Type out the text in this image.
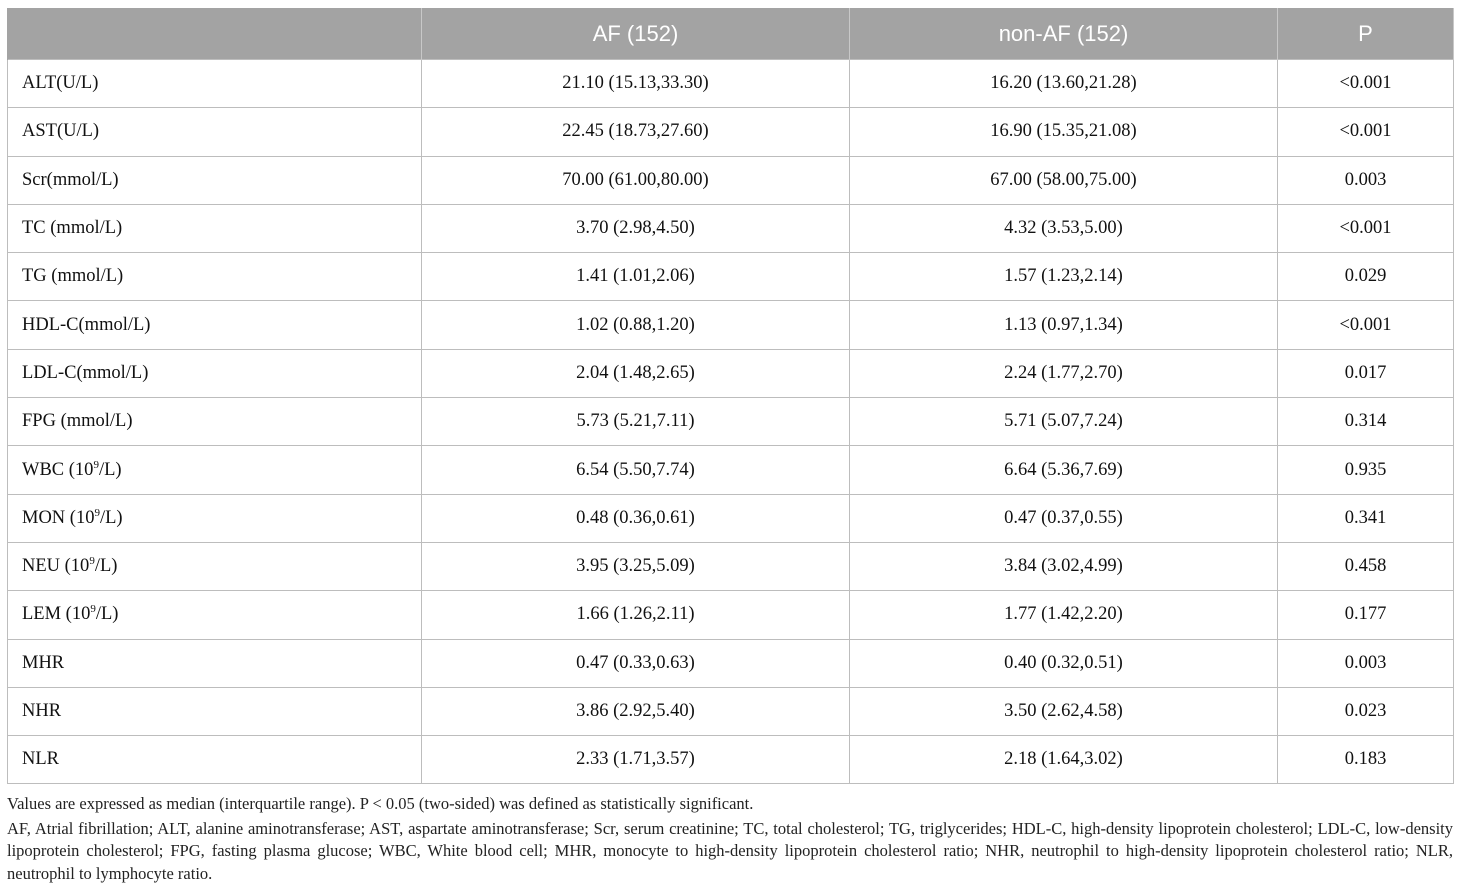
	AF (152)	non-AF (152)	P
ALT(U/L)	21.10 (15.13,33.30)	16.20 (13.60,21.28)	<0.001
AST(U/L)	22.45 (18.73,27.60)	16.90 (15.35,21.08)	<0.001
Scr(mmol/L)	70.00 (61.00,80.00)	67.00 (58.00,75.00)	0.003
TC (mmol/L)	3.70 (2.98,4.50)	4.32 (3.53,5.00)	<0.001
TG (mmol/L)	1.41 (1.01,2.06)	1.57 (1.23,2.14)	0.029
HDL-C(mmol/L)	1.02 (0.88,1.20)	1.13 (0.97,1.34)	<0.001
LDL-C(mmol/L)	2.04 (1.48,2.65)	2.24 (1.77,2.70)	0.017
FPG (mmol/L)	5.73 (5.21,7.11)	5.71 (5.07,7.24)	0.314
WBC $(10^9/L)$	6.54 (5.50,7.74)	6.64 (5.36,7.69)	0.935
MON $(10^9/L)$	0.48 (0.36,0.61)	0.47 (0.37,0.55)	0.341
NEU $(10^9/L)$	3.95 (3.25,5.09)	3.84 (3.02,4.99)	0.458
LEM $(10^9/L)$	1.66 (1.26,2.11)	1.77 (1.42,2.20)	0.177
MHR	0.47 (0.33,0.63)	0.40 (0.32,0.51)	0.003
NHR	3.86 (2.92,5.40)	3.50 (2.62,4.58)	0.023
NLR	2.33 (1.71,3.57)	2.18 (1.64,3.02)	0.183

Values are expressed as median (interquartile range). P < 0.05 (two-sided) was defined as statistically significant.

AF, Atrial fibrillation; ALT, alanine aminotransferase; AST, aspartate aminotransferase; Scr, serum creatinine; TC, total cholesterol; TG, triglycerides; HDL-C, high-density lipoprotein cholesterol; LDL-C, low-density lipoprotein cholesterol; FPG, fasting plasma glucose; WBC, White blood cell; MHR, monocyte to high-density lipoprotein cholesterol ratio; NHR, neutrophil to high-density lipoprotein cholesterol ratio; NLR, neutrophil to lymphocyte ratio.
